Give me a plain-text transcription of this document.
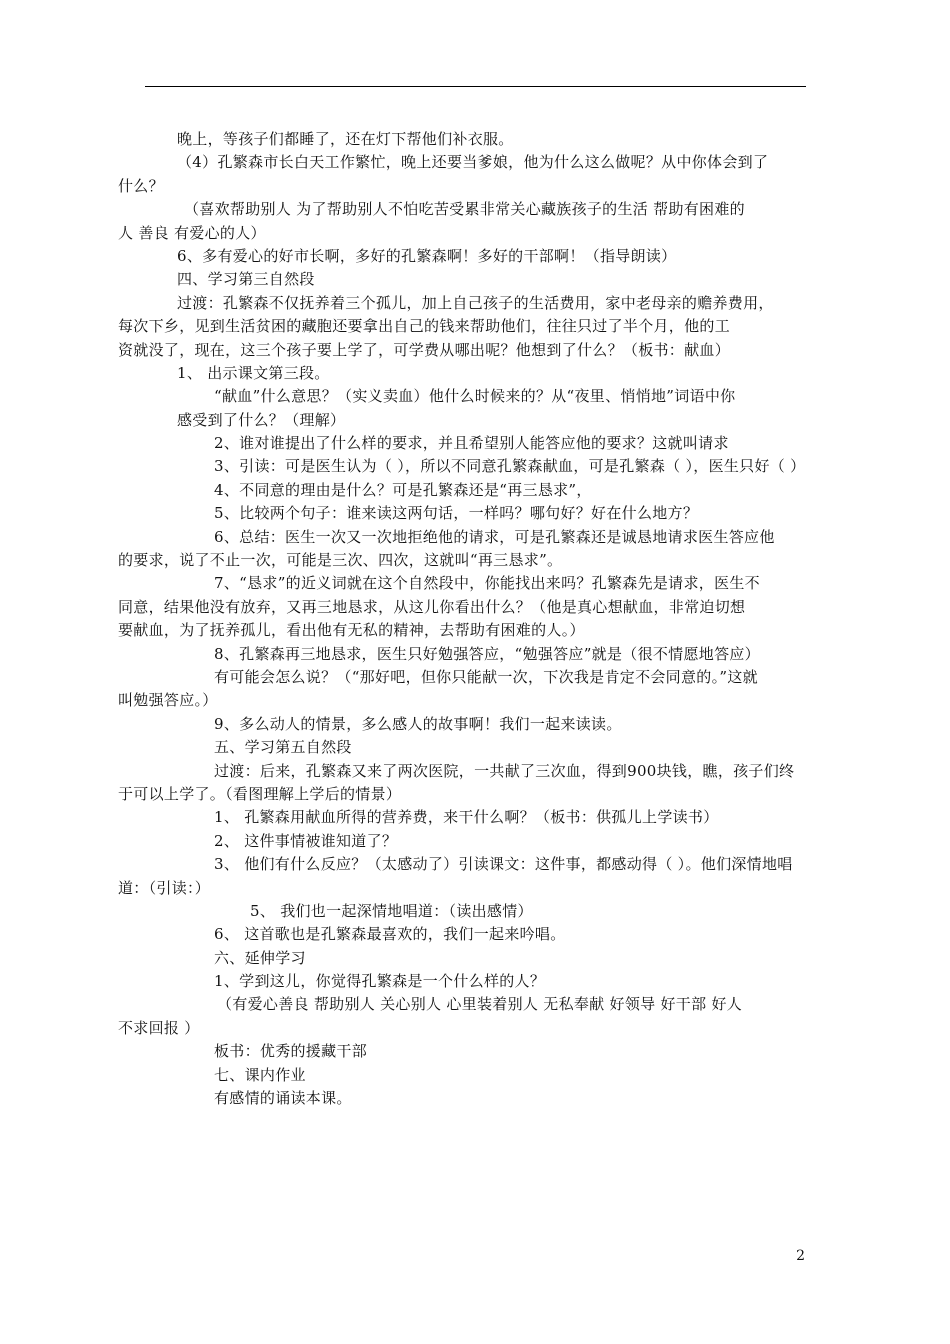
晚上，等孩子们都睡了，还在灯下帮他们补衣服。
（4）孔繁森市长白天工作繁忙，晚上还要当爹娘，他为什么这么做呢？从中你体会到了
什么？
（喜欢帮助别人 为了帮助别人不怕吃苦受累非常关心藏族孩子的生活 帮助有困难的
人 善良 有爱心的人）
6、多有爱心的好市长啊，多好的孔繁森啊！多好的干部啊！（指导朗读）
四、学习第三自然段
过渡：孔繁森不仅抚养着三个孤儿，加上自己孩子的生活费用，家中老母亲的赡养费用，
每次下乡，见到生活贫困的藏胞还要拿出自己的钱来帮助他们，往往只过了半个月，他的工
资就没了，现在，这三个孩子要上学了，可学费从哪出呢？他想到了什么？（板书：献血）
1、 出示课文第三段。
“献血”什么意思？（实义卖血）他什么时候来的？从“夜里、悄悄地”词语中你
感受到了什么？（理解）
2、谁对谁提出了什么样的要求，并且希望别人能答应他的要求？这就叫请求
3、引读：可是医生认为（ ），所以不同意孔繁森献血，可是孔繁森（ ），医生只好（ ）
4、不同意的理由是什么？可是孔繁森还是“再三恳求”，
5、比较两个句子：谁来读这两句话，一样吗？哪句好？好在什么地方？
6、总结：医生一次又一次地拒绝他的请求，可是孔繁森还是诚恳地请求医生答应他
的要求，说了不止一次，可能是三次、四次，这就叫“再三恳求”。
7、“恳求”的近义词就在这个自然段中，你能找出来吗？孔繁森先是请求，医生不
同意，结果他没有放弃，又再三地恳求，从这儿你看出什么？（他是真心想献血，非常迫切想
要献血，为了抚养孤儿，看出他有无私的精神，去帮助有困难的人。）
8、孔繁森再三地恳求，医生只好勉强答应，“勉强答应”就是（很不情愿地答应）
有可能会怎么说？（“那好吧，但你只能献一次，下次我是肯定不会同意的。”这就
叫勉强答应。）
9、多么动人的情景，多么感人的故事啊！我们一起来读读。
五、学习第五自然段
过渡：后来，孔繁森又来了两次医院，一共献了三次血，得到900块钱，瞧，孩子们终
于可以上学了。（看图理解上学后的情景）
1、 孔繁森用献血所得的营养费，来干什么啊？（板书：供孤儿上学读书）
2、 这件事情被谁知道了？
3、 他们有什么反应？（太感动了）引读课文：这件事，都感动得（ ）。他们深情地唱
道：（引读：）
5、 我们也一起深情地唱道：（读出感情）
6、 这首歌也是孔繁森最喜欢的，我们一起来吟唱。
六、延伸学习
1、学到这儿，你觉得孔繁森是一个什么样的人？
（有爱心善良 帮助别人 关心别人 心里装着别人 无私奉献 好领导 好干部 好人
不求回报 ）
板书：优秀的援藏干部
七、课内作业
有感情的诵读本课。
2
